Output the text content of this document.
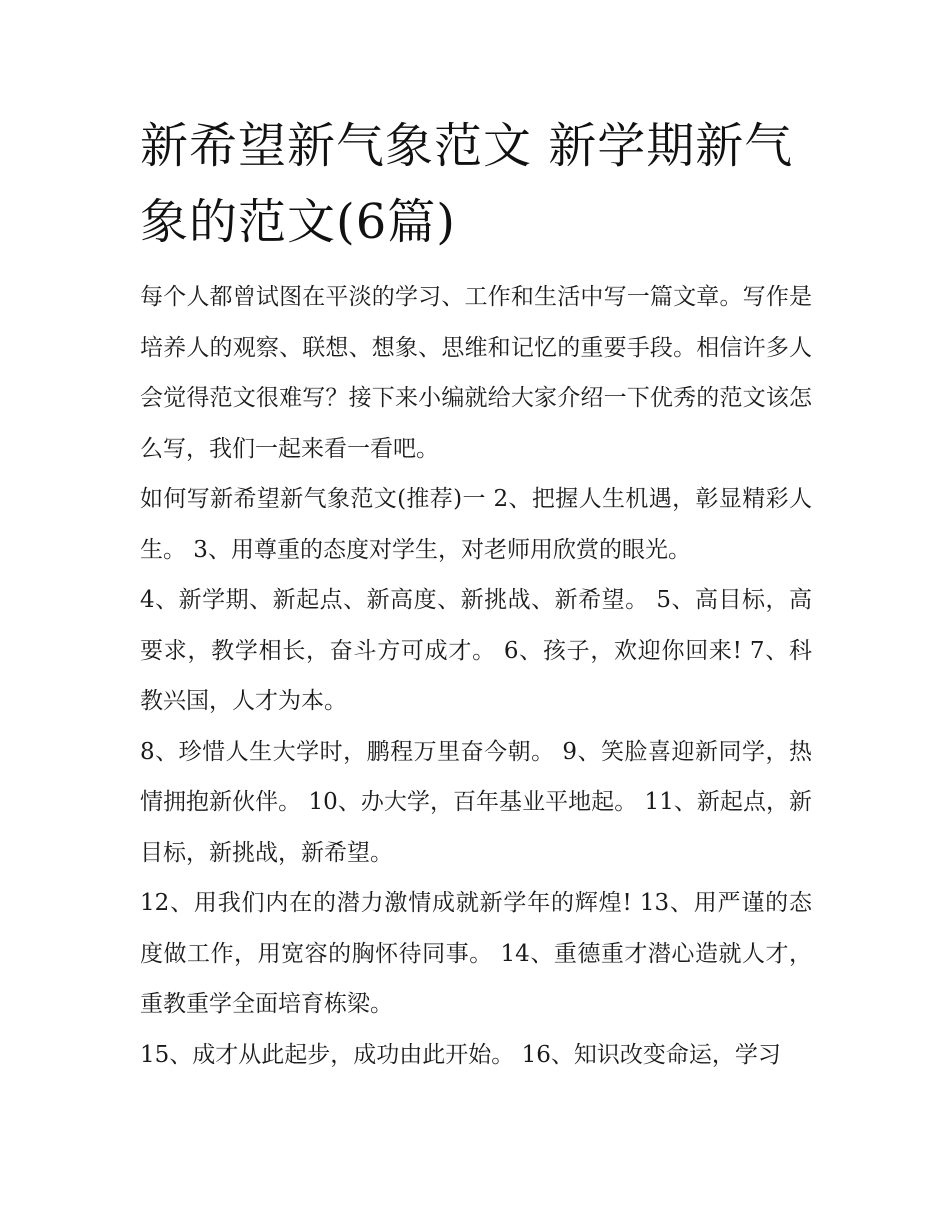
新希望新气象范文 新学期新气象的范文(6篇)

每个人都曾试图在平淡的学习、工作和生活中写一篇文章。写作是培养人的观察、联想、想象、思维和记忆的重要手段。相信许多人会觉得范文很难写？接下来小编就给大家介绍一下优秀的范文该怎么写，我们一起来看一看吧。

如何写新希望新气象范文(推荐)一 2、把握人生机遇，彰显精彩人生。 3、用尊重的态度对学生，对老师用欣赏的眼光。

4、新学期、新起点、新高度、新挑战、新希望。 5、高目标，高要求，教学相长，奋斗方可成才。 6、孩子，欢迎你回来! 7、科教兴国，人才为本。

8、珍惜人生大学时，鹏程万里奋今朝。 9、笑脸喜迎新同学，热情拥抱新伙伴。 10、办大学，百年基业平地起。 11、新起点，新目标，新挑战，新希望。

12、用我们内在的潜力激情成就新学年的辉煌! 13、用严谨的态度做工作，用宽容的胸怀待同事。 14、重德重才潜心造就人才，重教重学全面培育栋梁。

15、成才从此起步，成功由此开始。 16、知识改变命运，学习
